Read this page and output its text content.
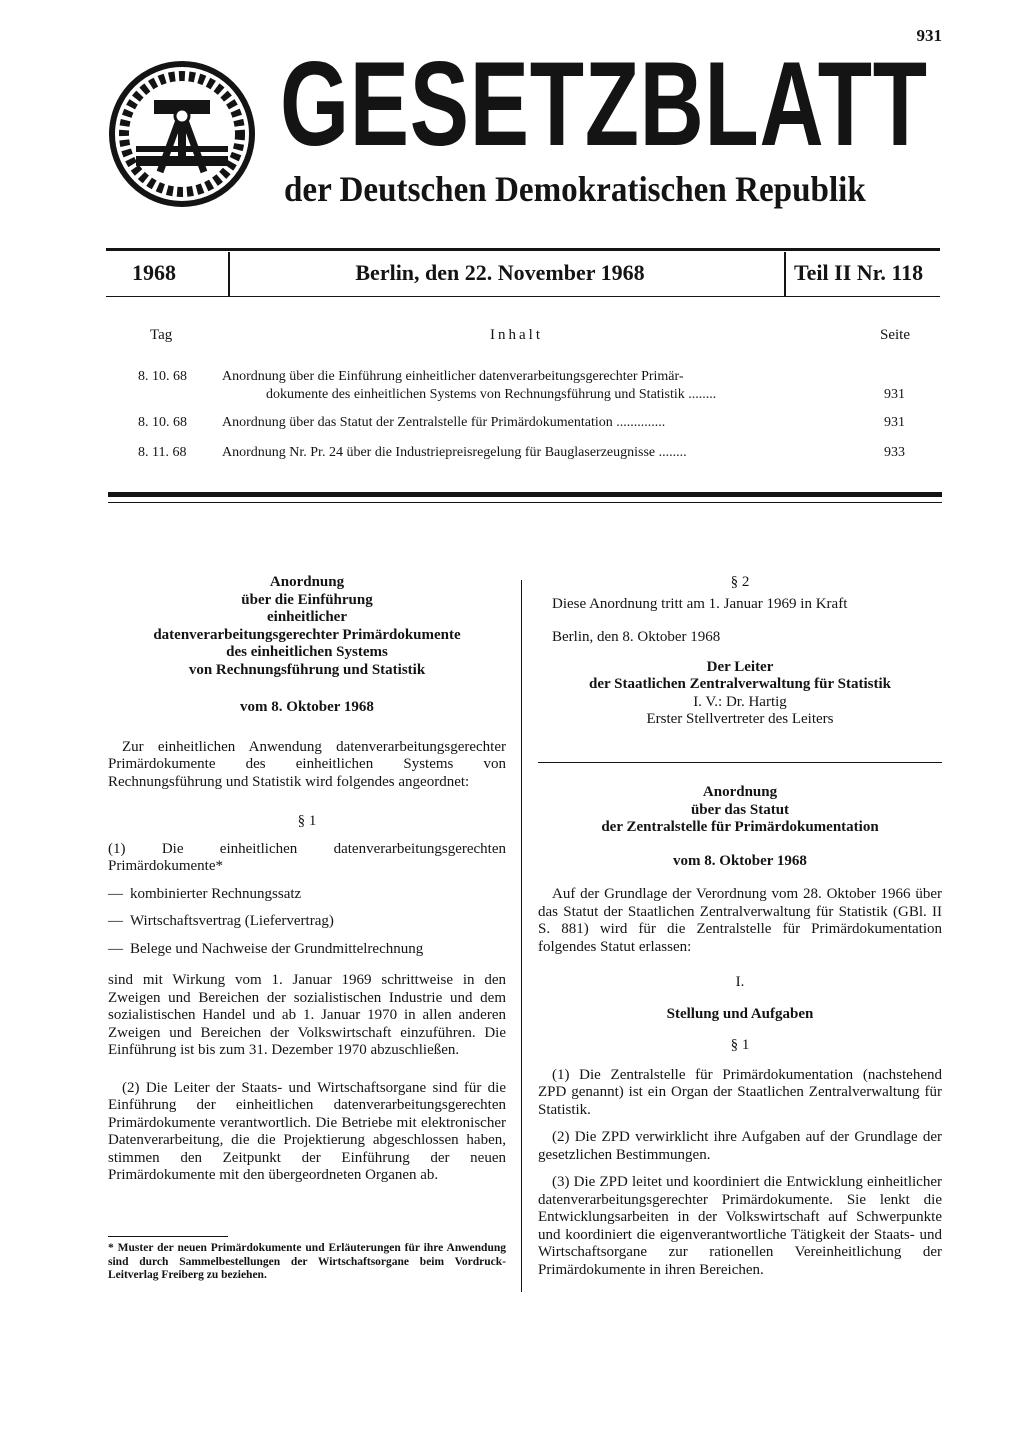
931
GESETZBLATT
der Deutschen Demokratischen Republik
1968	Berlin, den 22. November 1968	Teil II Nr. 118
Tag	Inhalt	Seite
8. 10. 68	Anordnung über die Einführung einheitlicher datenverarbeitungsgerechter Primär-
dokumente des einheitlichen Systems von Rechnungsführung und Statistik ........	931
8. 10. 68	Anordnung über das Statut der Zentralstelle für Primärdokumentation ..............	931
8. 11. 68	Anordnung Nr. Pr. 24 über die Industriepreisregelung für Bauglaserzeugnisse ........	933
Anordnung
über die Einführung
einheitlicher
datenverarbeitungsgerechter Primärdokumente
des einheitlichen Systems
von Rechnungsführung und Statistik

vom 8. Oktober 1968

Zur einheitlichen Anwendung datenverarbeitungsgerechter Primärdokumente des einheitlichen Systems von Rechnungsführung und Statistik wird folgendes angeordnet:

§ 1

(1) Die einheitlichen datenverarbeitungsgerechten Primärdokumente*

— kombinierter Rechnungssatz
— Wirtschaftsvertrag (Liefervertrag)
— Belege und Nachweise der Grundmittelrechnung

sind mit Wirkung vom 1. Januar 1969 schrittweise in den Zweigen und Bereichen der sozialistischen Industrie und dem sozialistischen Handel und ab 1. Januar 1970 in allen anderen Zweigen und Bereichen der Volkswirtschaft einzuführen. Die Einführung ist bis zum 31. Dezember 1970 abzuschließen.

(2) Die Leiter der Staats- und Wirtschaftsorgane sind für die Einführung der einheitlichen datenverarbeitungsgerechten Primärdokumente verantwortlich. Die Betriebe mit elektronischer Datenverarbeitung, die die Projektierung abgeschlossen haben, stimmen den Zeitpunkt der Einführung der neuen Primärdokumente mit den übergeordneten Organen ab.

* Muster der neuen Primärdokumente und Erläuterungen für ihre Anwendung sind durch Sammelbestellungen der Wirtschaftsorgane beim Vordruck-Leitverlag Freiberg zu beziehen.

§ 2

Diese Anordnung tritt am 1. Januar 1969 in Kraft

Berlin, den 8. Oktober 1968

Der Leiter

der Staatlichen Zentralverwaltung für Statistik

I. V.: Dr. Hartig

Erster Stellvertreter des Leiters

Anordnung
über das Statut
der Zentralstelle für Primärdokumentation

vom 8. Oktober 1968

Auf der Grundlage der Verordnung vom 28. Oktober 1966 über das Statut der Staatlichen Zentralverwaltung für Statistik (GBl. II S. 881) wird für die Zentralstelle für Primärdokumentation folgendes Statut erlassen:

I.

Stellung und Aufgaben

§ 1

(1) Die Zentralstelle für Primärdokumentation (nachstehend ZPD genannt) ist ein Organ der Staatlichen Zentralverwaltung für Statistik.

(2) Die ZPD verwirklicht ihre Aufgaben auf der Grundlage der gesetzlichen Bestimmungen.

(3) Die ZPD leitet und koordiniert die Entwicklung einheitlicher datenverarbeitungsgerechter Primärdokumente. Sie lenkt die Entwicklungsarbeiten in der Volkswirtschaft auf Schwerpunkte und koordiniert die eigenverantwortliche Tätigkeit der Staats- und Wirtschaftsorgane zur rationellen Vereinheitlichung der Primärdokumente in ihren Bereichen.
